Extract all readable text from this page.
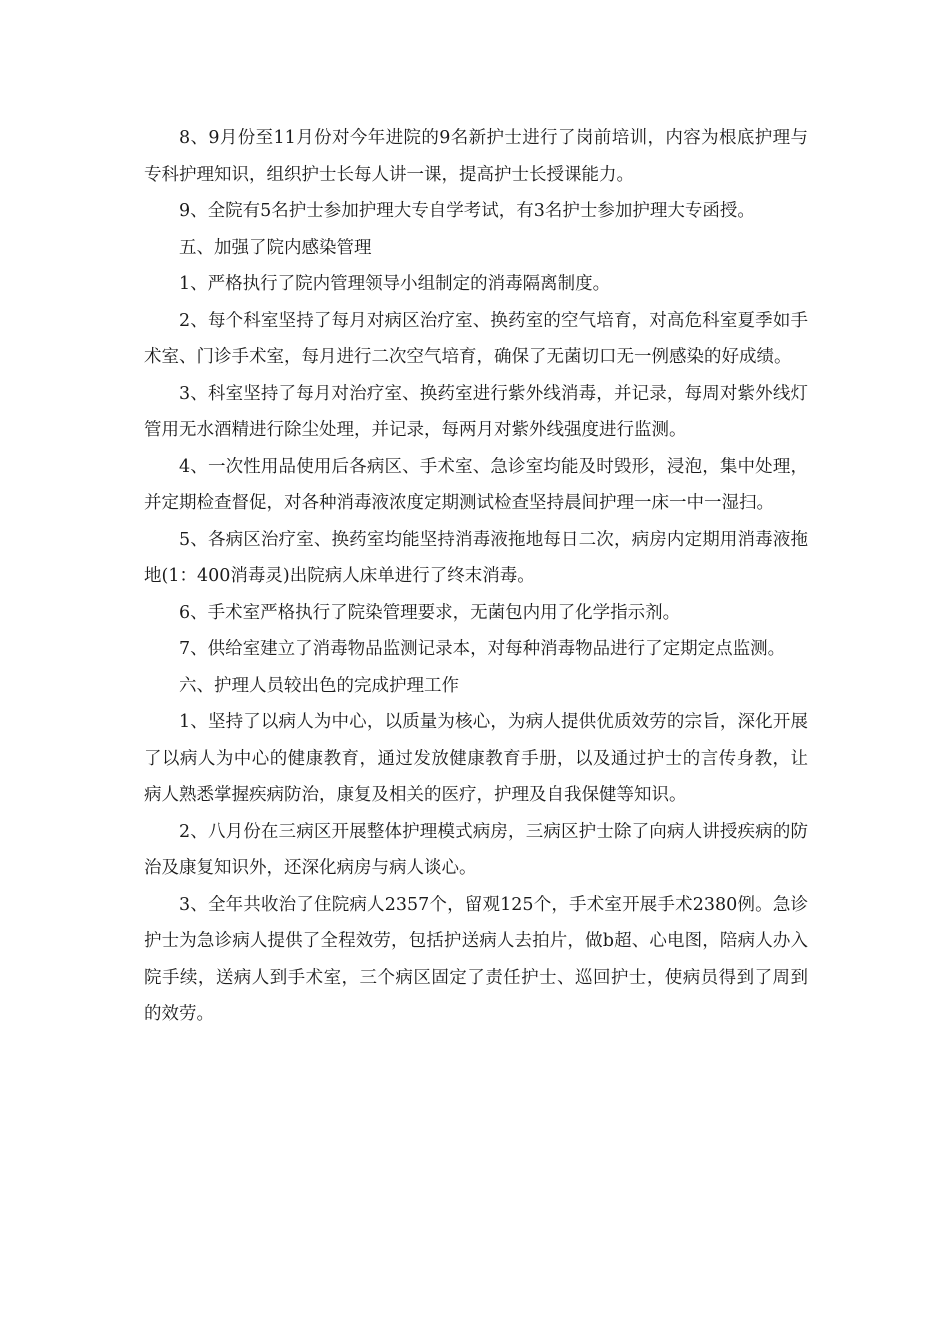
8、9月份至11月份对今年进院的9名新护士进行了岗前培训，内容为根底护理与专科护理知识，组织护士长每人讲一课，提高护士长授课能力。

9、全院有5名护士参加护理大专自学考试，有3名护士参加护理大专函授。

五、加强了院内感染管理

1、严格执行了院内管理领导小组制定的消毒隔离制度。

2、每个科室坚持了每月对病区治疗室、换药室的空气培育，对高危科室夏季如手术室、门诊手术室，每月进行二次空气培育，确保了无菌切口无一例感染的好成绩。

3、科室坚持了每月对治疗室、换药室进行紫外线消毒，并记录，每周对紫外线灯管用无水酒精进行除尘处理，并记录，每两月对紫外线强度进行监测。

4、一次性用品使用后各病区、手术室、急诊室均能及时毁形，浸泡，集中处理，并定期检查督促，对各种消毒液浓度定期测试检查坚持晨间护理一床一中一湿扫。

5、各病区治疗室、换药室均能坚持消毒液拖地每日二次，病房内定期用消毒液拖地(1：400消毒灵)出院病人床单进行了终末消毒。

6、手术室严格执行了院染管理要求，无菌包内用了化学指示剂。

7、供给室建立了消毒物品监测记录本，对每种消毒物品进行了定期定点监测。

六、护理人员较出色的完成护理工作

1、坚持了以病人为中心，以质量为核心，为病人提供优质效劳的宗旨，深化开展了以病人为中心的健康教育，通过发放健康教育手册，以及通过护士的言传身教，让病人熟悉掌握疾病防治，康复及相关的医疗，护理及自我保健等知识。

2、八月份在三病区开展整体护理模式病房，三病区护士除了向病人讲授疾病的防治及康复知识外，还深化病房与病人谈心。

3、全年共收治了住院病人2357个，留观125个，手术室开展手术2380例。急诊护士为急诊病人提供了全程效劳，包括护送病人去拍片，做b超、心电图，陪病人办入院手续，送病人到手术室，三个病区固定了责任护士、巡回护士，使病员得到了周到的效劳。
